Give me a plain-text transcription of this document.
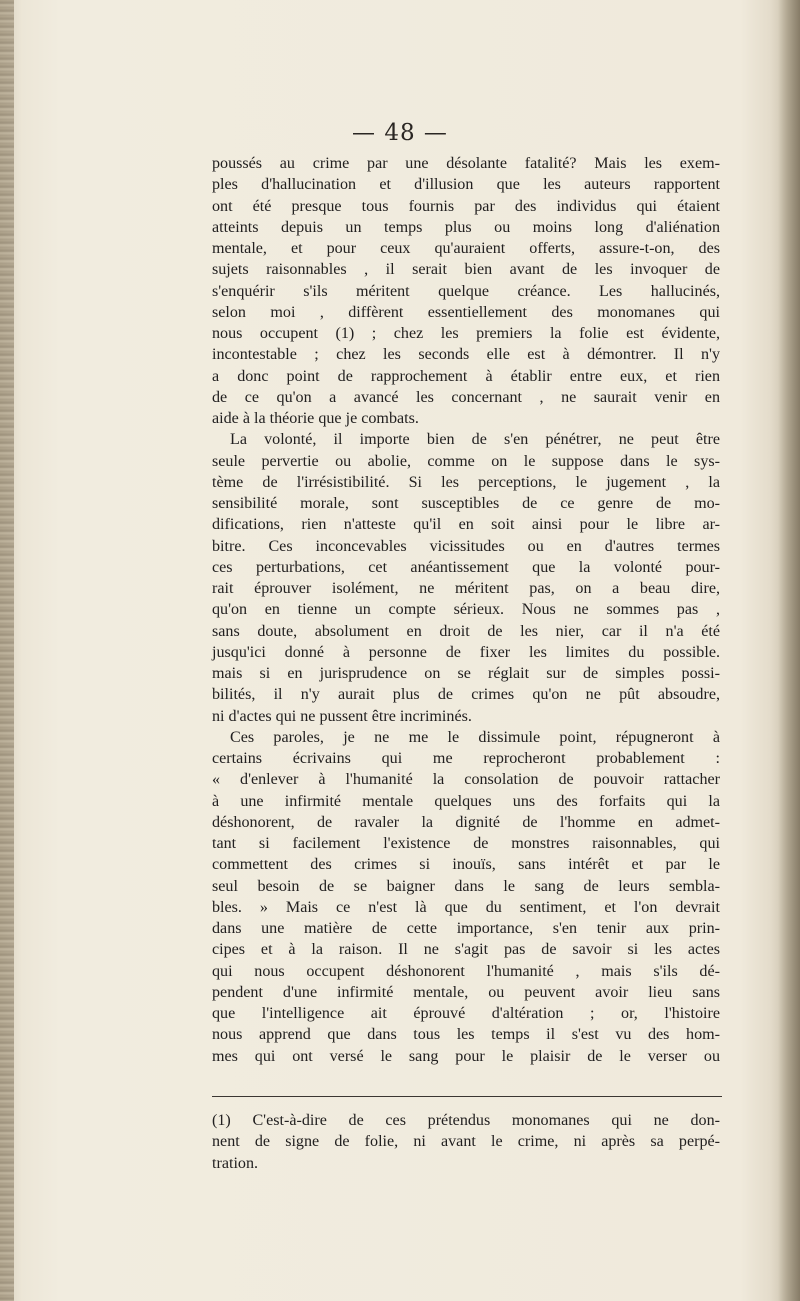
— 48 —
poussés au crime par une désolante fatalité? Mais les exem-
ples d'hallucination et d'illusion que les auteurs rapportent
ont été presque tous fournis par des individus qui étaient
atteints depuis un temps plus ou moins long d'aliénation
mentale, et pour ceux qu'auraient offerts, assure-t-on, des
sujets raisonnables , il serait bien avant de les invoquer de
s'enquérir s'ils méritent quelque créance. Les hallucinés,
selon moi , diffèrent essentiellement des monomanes qui
nous occupent (1) ; chez les premiers la folie est évidente,
incontestable ; chez les seconds elle est à démontrer. Il n'y
a donc point de rapprochement à établir entre eux, et rien
de ce qu'on a avancé les concernant , ne saurait venir en
aide à la théorie que je combats.
La volonté, il importe bien de s'en pénétrer, ne peut être
seule pervertie ou abolie, comme on le suppose dans le sys-
tème de l'irrésistibilité. Si les perceptions, le jugement , la
sensibilité morale, sont susceptibles de ce genre de mo-
difications, rien n'atteste qu'il en soit ainsi pour le libre ar-
bitre. Ces inconcevables vicissitudes ou en d'autres termes
ces perturbations, cet anéantissement que la volonté pour-
rait éprouver isolément, ne méritent pas, on a beau dire,
qu'on en tienne un compte sérieux. Nous ne sommes pas ,
sans doute, absolument en droit de les nier, car il n'a été
jusqu'ici donné à personne de fixer les limites du possible.
mais si en jurisprudence on se réglait sur de simples possi-
bilités, il n'y aurait plus de crimes qu'on ne pût absoudre,
ni d'actes qui ne pussent être incriminés.
Ces paroles, je ne me le dissimule point, répugneront à
certains écrivains qui me reprocheront probablement :
« d'enlever à l'humanité la consolation de pouvoir rattacher
à une infirmité mentale quelques uns des forfaits qui la
déshonorent, de ravaler la dignité de l'homme en admet-
tant si facilement l'existence de monstres raisonnables, qui
commettent des crimes si inouïs, sans intérêt et par le
seul besoin de se baigner dans le sang de leurs sembla-
bles. » Mais ce n'est là que du sentiment, et l'on devrait
dans une matière de cette importance, s'en tenir aux prin-
cipes et à la raison. Il ne s'agit pas de savoir si les actes
qui nous occupent déshonorent l'humanité , mais s'ils dé-
pendent d'une infirmité mentale, ou peuvent avoir lieu sans
que l'intelligence ait éprouvé d'altération ; or, l'histoire
nous apprend que dans tous les temps il s'est vu des hom-
mes qui ont versé le sang pour le plaisir de le verser ou
(1) C'est-à-dire de ces prétendus monomanes qui ne don-
nent de signe de folie, ni avant le crime, ni après sa perpé-
tration.
